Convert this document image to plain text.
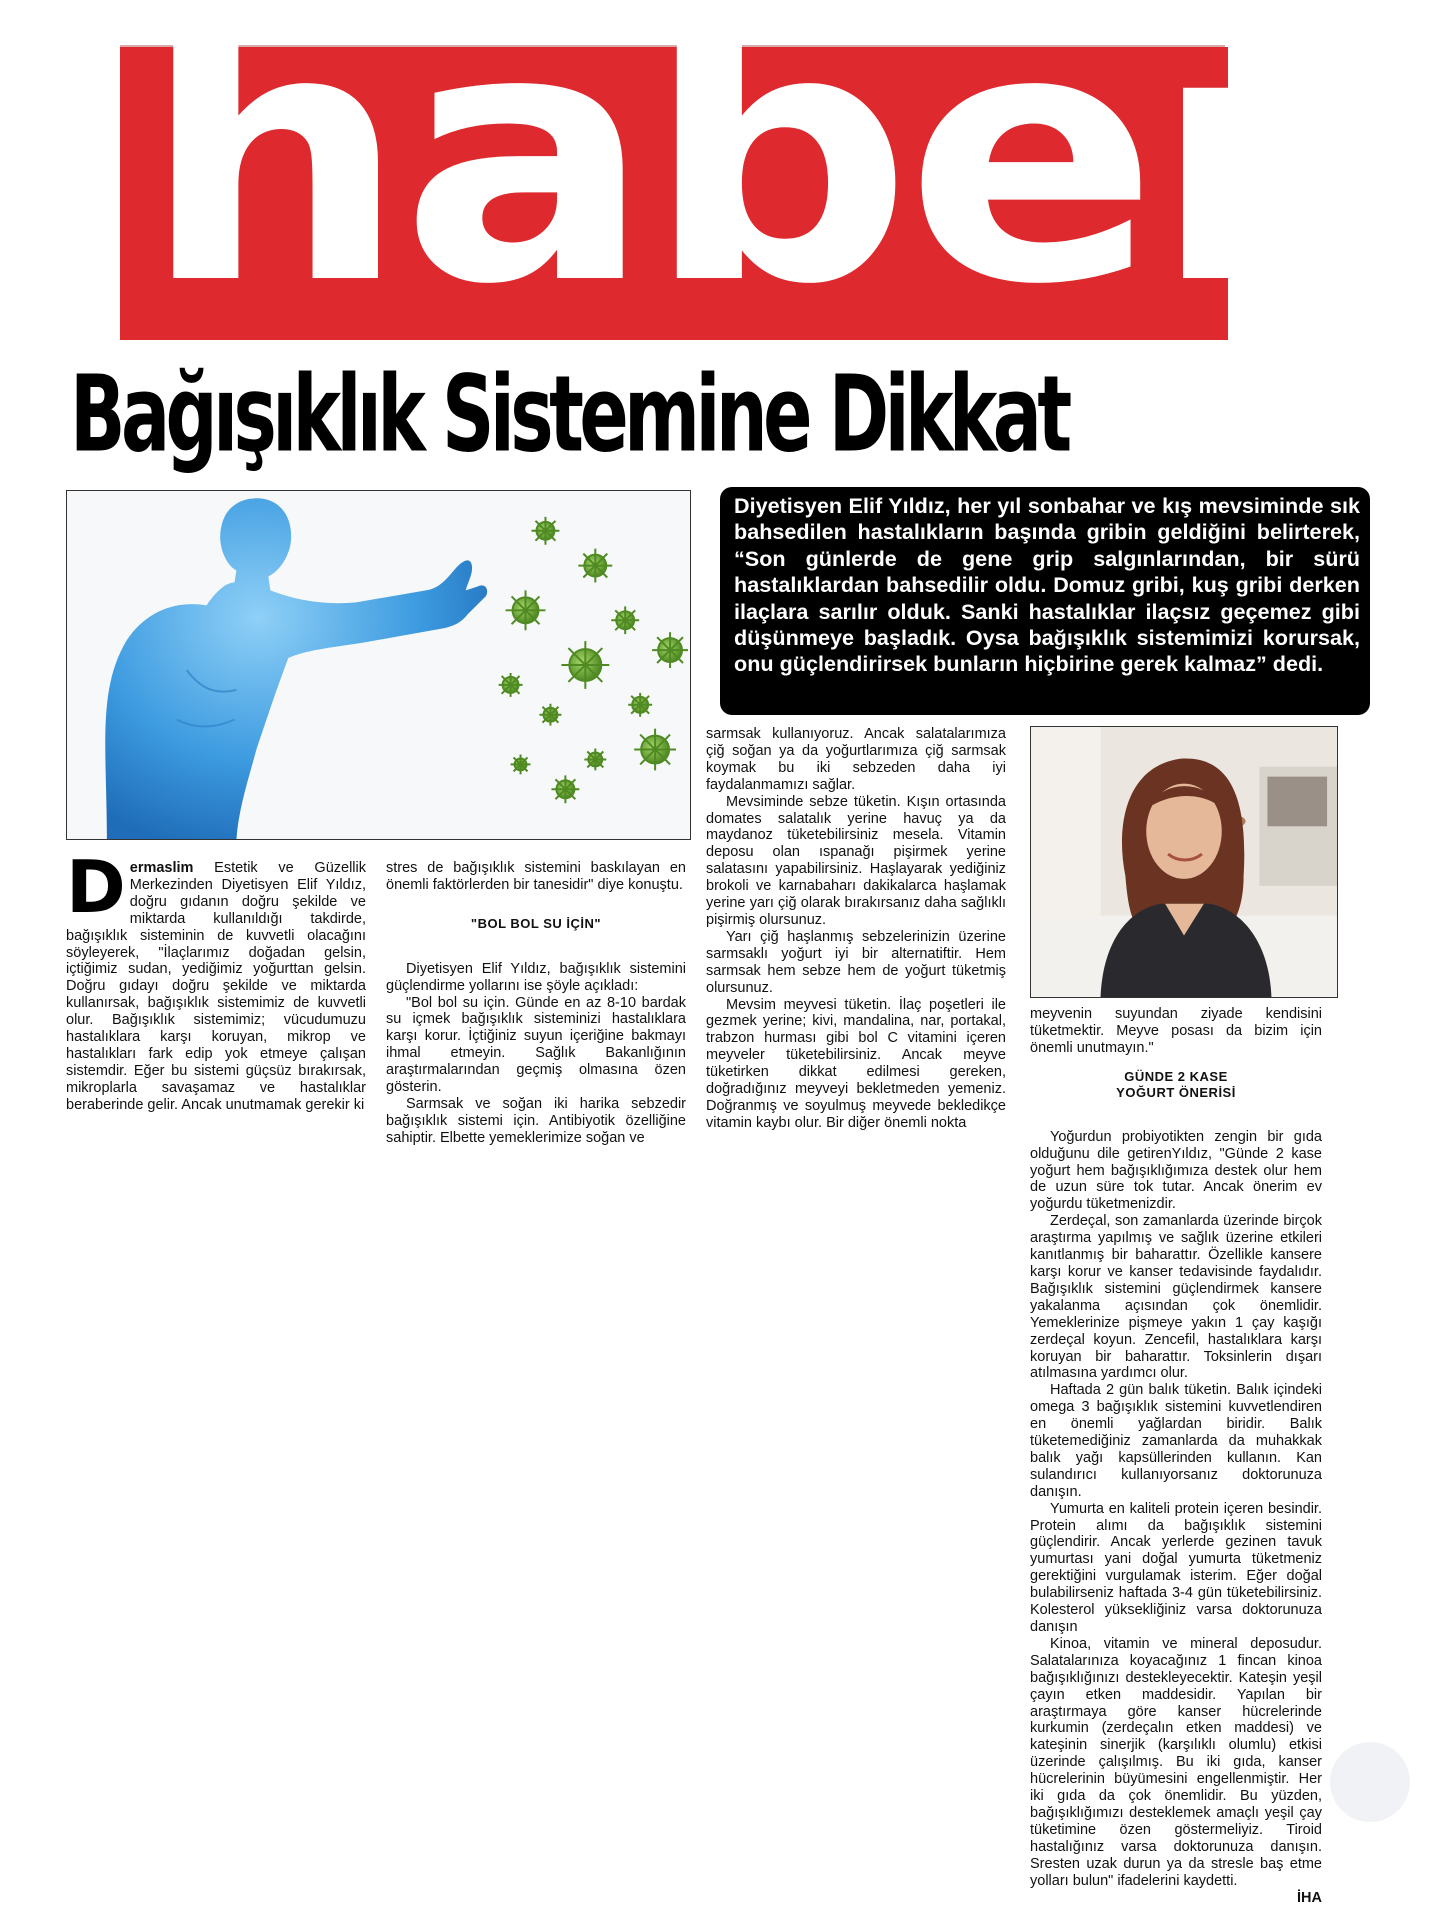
haber
Bağışıklık Sistemine Dikkat
Diyetisyen Elif Yıldız, her yıl sonbahar ve kış mevsiminde sık bahsedilen hastalıkların başında gribin geldiğini belirterek, “Son günlerde de gene grip salgınlarından, bir sürü hastalıklardan bahsedilir oldu. Domuz gribi, kuş gribi derken ilaçlara sarılır olduk. Sanki hastalıklar ilaçsız geçemez gibi düşünmeye başladık. Oysa bağışıklık sistemimizi korursak, onu güçlendirirsek bunların hiçbirine gerek kalmaz” dedi.

Dermaslim Estetik ve Güzellik Merkezinden Diyetisyen Elif Yıldız, doğru gıdanın doğru şekilde ve miktarda kullanıldığı takdirde, bağışıklık sisteminin de kuvvetli olacağını söyleyerek, "İlaçlarımız doğadan gelsin, içtiğimiz sudan, yediğimiz yoğurttan gelsin. Doğru gıdayı doğru şekilde ve miktarda kullanırsak, bağışıklık sistemimiz de kuvvetli olur. Bağışıklık sistemimiz; vücudumuzu hastalıklara karşı koruyan, mikrop ve hastalıkları fark edip yok etmeye çalışan sistemdir. Eğer bu sistemi güçsüz bırakırsak, mikroplarla savaşamaz ve hastalıklar beraberinde gelir. Ancak unutmamak gerekir ki

stres de bağışıklık sistemini baskılayan en önemli faktörlerden bir tanesidir" diye konuştu.

"BOL BOL SU İÇİN"

Diyetisyen Elif Yıldız, bağışıklık sistemini güçlendirme yollarını ise şöyle açıkladı:

"Bol bol su için. Günde en az 8-10 bardak su içmek bağışıklık sisteminizi hastalıklara karşı korur. İçtiğiniz suyun içeriğine bakmayı ihmal etmeyin. Sağlık Bakanlığının araştırmalarından geçmiş olmasına özen gösterin.

Sarmsak ve soğan iki harika sebzedir bağışıklık sistemi için. Antibiyotik özelliğine sahiptir. Elbette yemeklerimize soğan ve

sarmsak kullanıyoruz. Ancak salatalarımıza çiğ soğan ya da yoğurtlarımıza çiğ sarmsak koymak bu iki sebzeden daha iyi faydalanmamızı sağlar.

Mevsiminde sebze tüketin. Kışın ortasında domates salatalık yerine havuç ya da maydanoz tüketebilirsiniz mesela. Vitamin deposu olan ıspanağı pişirmek yerine salatasını yapabilirsiniz. Haşlayarak yediğiniz brokoli ve karnabaharı dakikalarca haşlamak yerine yarı çiğ olarak bırakırsanız daha sağlıklı pişirmiş olursunuz.

Yarı çiğ haşlanmış sebzelerinizin üzerine sarmsaklı yoğurt iyi bir alternatiftir. Hem sarmsak hem sebze hem de yoğurt tüketmiş olursunuz.

Mevsim meyvesi tüketin. İlaç poşetleri ile gezmek yerine; kivi, mandalina, nar, portakal, trabzon hurması gibi bol C vitamini içeren meyveler tüketebilirsiniz. Ancak meyve tüketirken dikkat edilmesi gereken, doğradığınız meyveyi bekletmeden yemeniz. Doğranmış ve soyulmuş meyvede bekledikçe vitamin kaybı olur. Bir diğer önemli nokta

meyvenin suyundan ziyade kendisini tüketmektir. Meyve posası da bizim için önemli unutmayın."

GÜNDE 2 KASE
YOĞURT ÖNERİSİ

Yoğurdun probiyotikten zengin bir gıda olduğunu dile getirenYıldız, "Günde 2 kase yoğurt hem bağışıklığımıza destek olur hem de uzun süre tok tutar. Ancak önerim ev yoğurdu tüketmenizdir.

Zerdeçal, son zamanlarda üzerinde birçok araştırma yapılmış ve sağlık üzerine etkileri kanıtlanmış bir baharattır. Özellikle kansere karşı korur ve kanser tedavisinde faydalıdır. Bağışıklık sistemini güçlendirmek kansere yakalanma açısından çok önemlidir. Yemeklerinize pişmeye yakın 1 çay kaşığı zerdeçal koyun. Zencefil, hastalıklara karşı koruyan bir baharattır. Toksinlerin dışarı atılmasına yardımcı olur.

Haftada 2 gün balık tüketin. Balık içindeki omega 3 bağışıklık sistemini kuvvetlendiren en önemli yağlardan biridir. Balık tüketemediğiniz zamanlarda da muhakkak balık yağı kapsüllerinden kullanın. Kan sulandırıcı kullanıyorsanız doktorunuza danışın.

Yumurta en kaliteli protein içeren besindir. Protein alımı da bağışıklık sistemini güçlendirir. Ancak yerlerde gezinen tavuk yumurtası yani doğal yumurta tüketmeniz gerektiğini vurgulamak isterim. Eğer doğal bulabilirseniz haftada 3-4 gün tüketebilirsiniz. Kolesterol yüksekliğiniz varsa doktorunuza danışın

Kinoa, vitamin ve mineral deposudur. Salatalarınıza koyacağınız 1 fincan kinoa bağışıklığınızı destekleyecektir. Kateşin yeşil çayın etken maddesidir. Yapılan bir araştırmaya göre kanser hücrelerinde kurkumin (zerdeçalın etken maddesi) ve kateşinin sinerjik (karşılıklı olumlu) etkisi üzerinde çalışılmış. Bu iki gıda, kanser hücrelerinin büyümesini engellenmiştir. Her iki gıda da çok önemlidir. Bu yüzden, bağışıklığımızı desteklemek amaçlı yeşil çay tüketimine özen göstermeliyiz. Tiroid hastalığınız varsa doktorunuza danışın. Sresten uzak durun ya da stresle baş etme yolları bulun" ifadelerini kaydetti.

İHA
